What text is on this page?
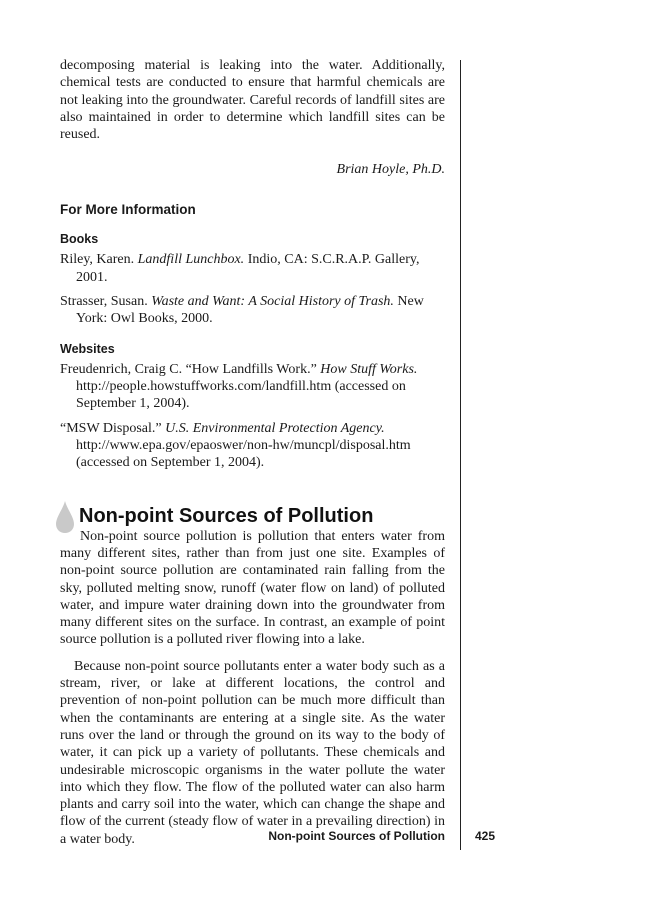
decomposing material is leaking into the water. Additionally, chemical tests are conducted to ensure that harmful chemicals are not leaking into the groundwater. Careful records of landfill sites are also maintained in order to determine which landfill sites can be reused.

Brian Hoyle, Ph.D.

For More Information
Books

Riley, Karen. Landfill Lunchbox. Indio, CA: S.C.R.A.P. Gallery, 2001.

Strasser, Susan. Waste and Want: A Social History of Trash. New York: Owl Books, 2000.

Websites

Freudenrich, Craig C. “How Landfills Work.” How Stuff Works. http://people.howstuffworks.com/landfill.htm (accessed on September 1, 2004).

“MSW Disposal.” U.S. Environmental Protection Agency. http://www.epa.gov/epaoswer/non-hw/muncpl/disposal.htm (accessed on September 1, 2004).

Non-point Sources of Pollution

Non-point source pollution is pollution that enters water from many different sites, rather than from just one site. Examples of non-point source pollution are contaminated rain falling from the sky, polluted melting snow, runoff (water flow on land) of polluted water, and impure water draining down into the groundwater from many different sites on the surface. In contrast, an example of point source pollution is a polluted river flowing into a lake.

Because non-point source pollutants enter a water body such as a stream, river, or lake at different locations, the control and prevention of non-point pollution can be much more difficult than when the contaminants are entering at a single site. As the water runs over the land or through the ground on its way to the body of water, it can pick up a variety of pollutants. These chemicals and undesirable microscopic organisms in the water pollute the water into which they flow. The flow of the polluted water can also harm plants and carry soil into the water, which can change the shape and flow of the current (steady flow of water in a prevailing direction) in a water body.	Non-point Sources of Pollution	425
